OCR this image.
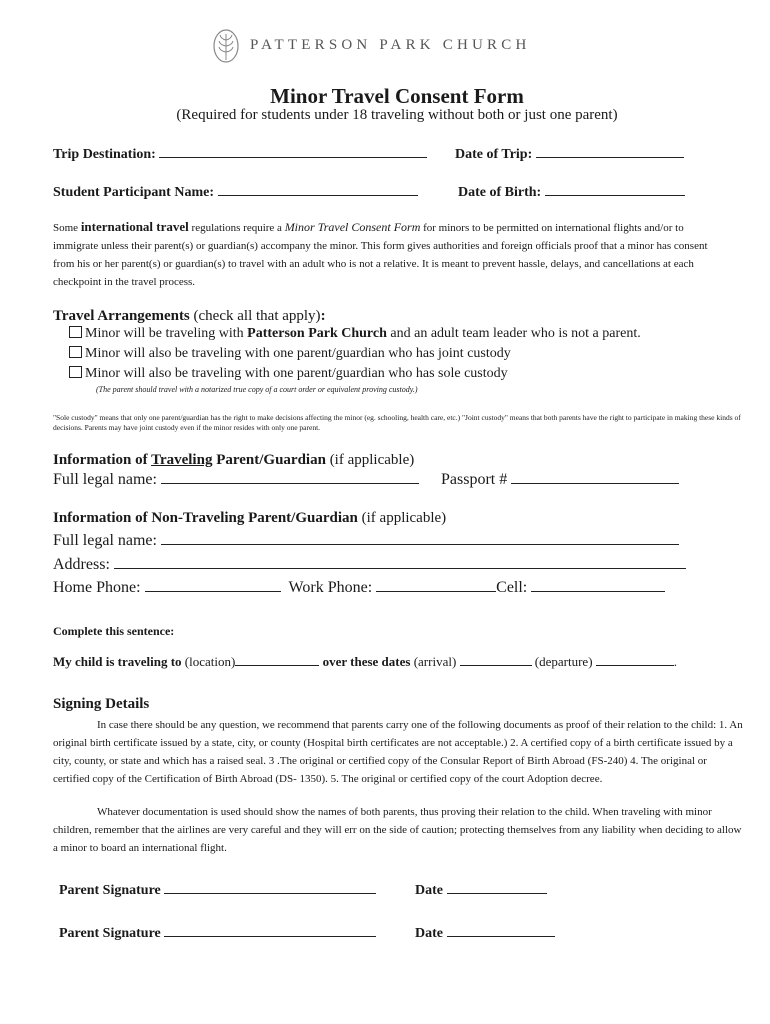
PATTERSON PARK CHURCH
Minor Travel Consent Form
(Required for students under 18 traveling without both or just one parent)
Trip Destination:	Date of Trip:
Student Participant Name:	Date of Birth:
Some international travel regulations require a Minor Travel Consent Form for minors to be permitted on international flights and/or to immigrate unless their parent(s) or guardian(s) accompany the minor. This form gives authorities and foreign officials proof that a minor has consent from his or her parent(s) or guardian(s) to travel with an adult who is not a relative. It is meant to prevent hassle, delays, and cancellations at each checkpoint in the travel process.
Travel Arrangements (check all that apply):
Minor will be traveling with Patterson Park Church and an adult team leader who is not a parent.
Minor will also be traveling with one parent/guardian who has joint custody
Minor will also be traveling with one parent/guardian who has sole custody
(The parent should travel with a notarized true copy of a court order or equivalent proving custody.)
"Sole custody" means that only one parent/guardian has the right to make decisions affecting the minor (eg. schooling, health care, etc.) "Joint custody" means that both parents have the right to participate in making these kinds of decisions. Parents may have joint custody even if the minor resides with only one parent.
Information of Traveling Parent/Guardian (if applicable)
Full legal name:	Passport #
Information of Non-Traveling Parent/Guardian (if applicable)
Full legal name:
Address:
Home Phone:	Work Phone:	Cell:
Complete this sentence:
My child is traveling to (location)	over these dates (arrival)	(departure)	.
Signing Details
In case there should be any question, we recommend that parents carry one of the following documents as proof of their relation to the child: 1. An original birth certificate issued by a state, city, or county (Hospital birth certificates are not acceptable.) 2. A certified copy of a birth certificate issued by a city, county, or state and which has a raised seal. 3 .The original or certified copy of the Consular Report of Birth Abroad (FS-240) 4. The original or certified copy of the Certification of Birth Abroad (DS- 1350). 5. The original or certified copy of the court Adoption decree.
Whatever documentation is used should show the names of both parents, thus proving their relation to the child. When traveling with minor children, remember that the airlines are very careful and they will err on the side of caution; protecting themselves from any liability when deciding to allow a minor to board an international flight.
Parent Signature	Date
Parent Signature	Date
